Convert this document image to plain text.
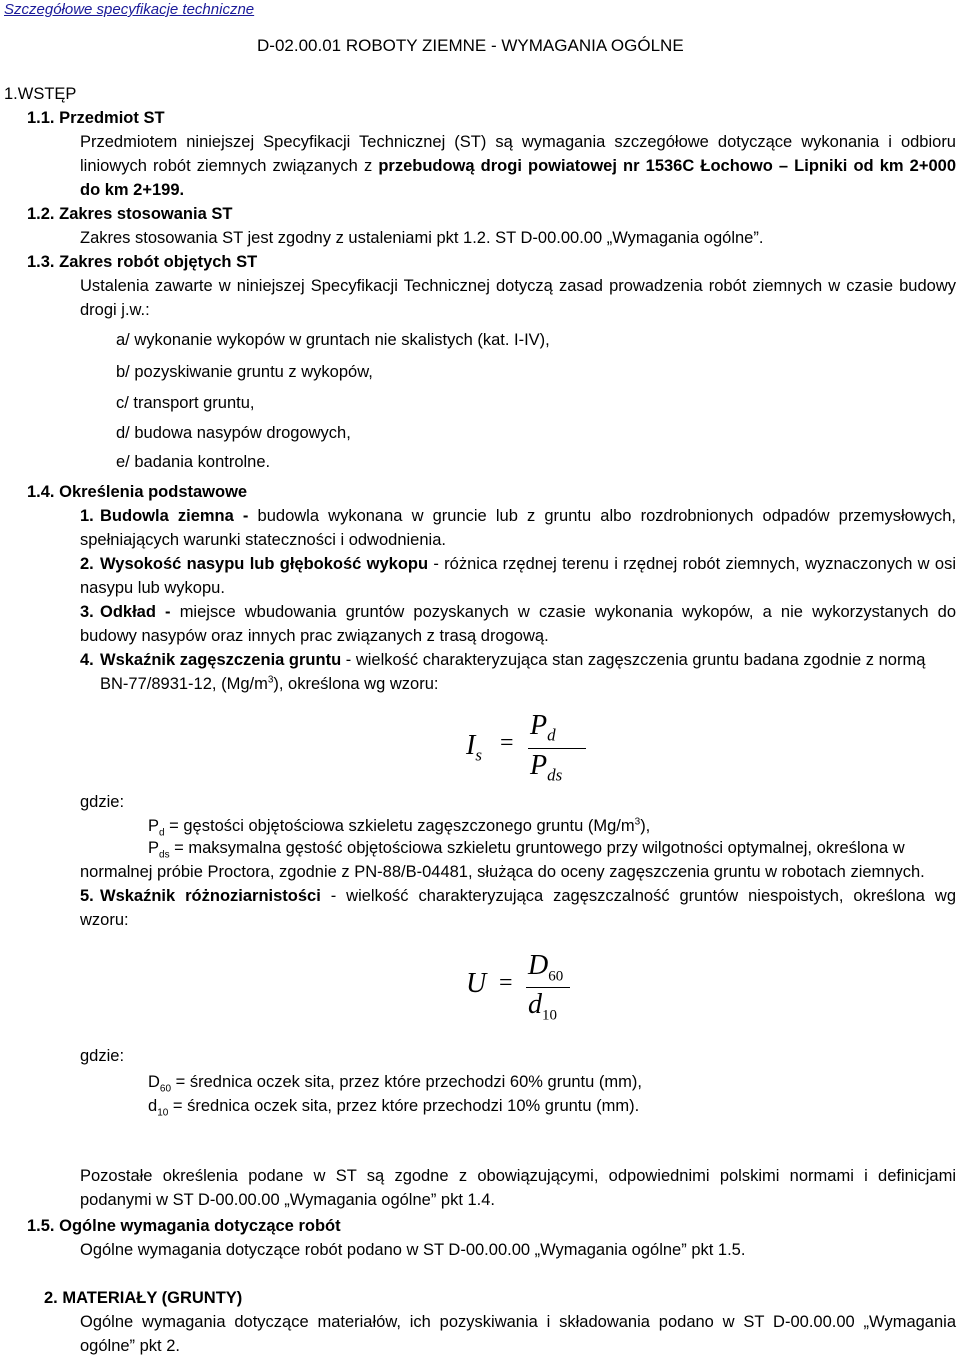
Szczegółowe specyfikacje techniczne
D-02.00.01 ROBOTY ZIEMNE - WYMAGANIA OGÓLNE
1.WSTĘP
1.1. Przedmiot ST
Przedmiotem niniejszej Specyfikacji Technicznej (ST) są wymagania szczegółowe dotyczące wykonania i odbioru liniowych robót ziemnych związanych z przebudową drogi powiatowej nr 1536C Łochowo – Lipniki od km 2+000 do km 2+199.
1.2. Zakres stosowania ST
Zakres stosowania ST jest zgodny z ustaleniami pkt 1.2. ST D-00.00.00 „Wymagania ogólne”.
1.3. Zakres robót objętych ST
Ustalenia zawarte w niniejszej Specyfikacji Technicznej dotyczą zasad prowadzenia robót ziemnych w czasie budowy drogi j.w.:
a/ wykonanie wykopów w gruntach nie skalistych (kat. I-IV),
b/ pozyskiwanie gruntu z wykopów,
c/ transport gruntu,
d/ budowa nasypów drogowych,
e/ badania kontrolne.
1.4. Określenia podstawowe
1. Budowla ziemna - budowla wykonana w gruncie lub z gruntu albo rozdrobnionych odpadów przemysłowych, spełniających warunki stateczności i odwodnienia.
2. Wysokość nasypu lub głębokość wykopu - różnica rzędnej terenu i rzędnej robót ziemnych, wyznaczonych w osi nasypu lub wykopu.
3. Odkład - miejsce wbudowania gruntów pozyskanych w czasie wykonania wykopów, a nie wykorzystanych do budowy nasypów oraz innych prac związanych z trasą drogową.
4. Wskaźnik zagęszczenia gruntu - wielkość charakteryzująca stan zagęszczenia gruntu badana zgodnie z normą
BN-77/8931-12, $(Mg/m^3)$, określona wg wzoru:
$I_s$ =
$P_d$
$P_{ds}$
gdzie:
$P_d$ = gęstości objętościowa szkieletu zagęszczonego gruntu $(Mg/m^3)$,
$P_{ds}$ = maksymalna gęstość objętościowa szkieletu gruntowego przy wilgotności optymalnej, określona w
normalnej próbie Proctora, zgodnie z PN-88/B-04481, służąca do oceny zagęszczenia gruntu w robotach ziemnych.
5. Wskaźnik różnoziarnistości - wielkość charakteryzująca zagęszczalność gruntów niespoistych, określona wg wzoru:
U =
$D_{60}$
$d_{10}$
gdzie:
$D_{60}$ = średnica oczek sita, przez które przechodzi 60% gruntu (mm),
$d_{10}$ = średnica oczek sita, przez które przechodzi 10% gruntu (mm).
Pozostałe określenia podane w ST są zgodne z obowiązującymi, odpowiednimi polskimi normami i definicjami podanymi w ST D-00.00.00 „Wymagania ogólne” pkt 1.4.
1.5. Ogólne wymagania dotyczące robót
Ogólne wymagania dotyczące robót podano w ST D-00.00.00 „Wymagania ogólne” pkt 1.5.
2. MATERIAŁY (GRUNTY)
Ogólne wymagania dotyczące materiałów, ich pozyskiwania i składowania podano w ST D-00.00.00 „Wymagania ogólne” pkt 2.
